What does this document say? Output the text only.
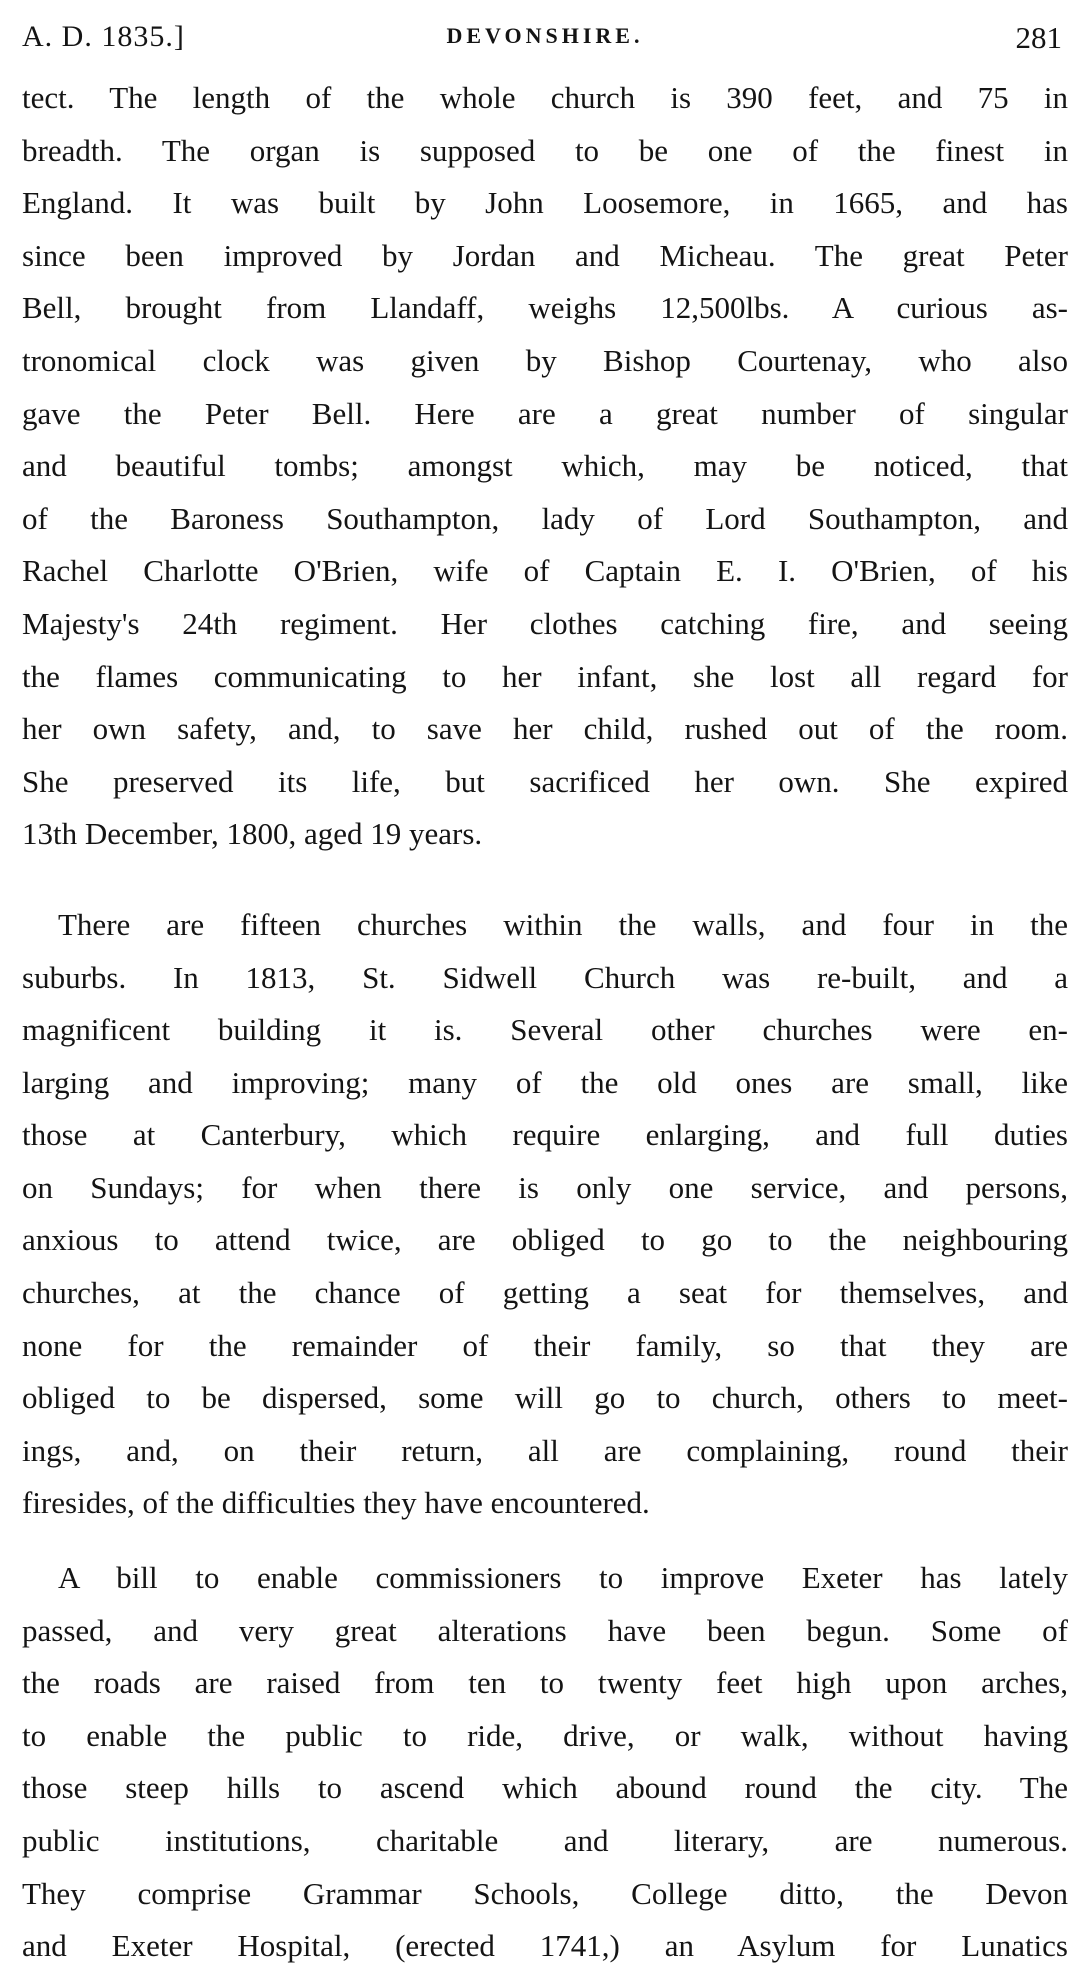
A. D. 1835.]	DEVONSHIRE.	281
tect. The length of the whole church is 390 feet, and 75 in
breadth. The organ is supposed to be one of the finest in
England. It was built by John Loosemore, in 1665, and has
since been improved by Jordan and Micheau. The great Peter
Bell, brought from Llandaff, weighs 12,500lbs. A curious as-
tronomical clock was given by Bishop Courtenay, who also
gave the Peter Bell. Here are a great number of singular
and beautiful tombs; amongst which, may be noticed, that
of the Baroness Southampton, lady of Lord Southampton, and
Rachel Charlotte O'Brien, wife of Captain E. I. O'Brien, of his
Majesty's 24th regiment. Her clothes catching fire, and seeing
the flames communicating to her infant, she lost all regard for
her own safety, and, to save her child, rushed out of the room.
She preserved its life, but sacrificed her own. She expired
13th December, 1800, aged 19 years.
There are fifteen churches within the walls, and four in the
suburbs. In 1813, St. Sidwell Church was re-built, and a
magnificent building it is. Several other churches were en-
larging and improving; many of the old ones are small, like
those at Canterbury, which require enlarging, and full duties
on Sundays; for when there is only one service, and persons,
anxious to attend twice, are obliged to go to the neighbouring
churches, at the chance of getting a seat for themselves, and
none for the remainder of their family, so that they are
obliged to be dispersed, some will go to church, others to meet-
ings, and, on their return, all are complaining, round their
firesides, of the difficulties they have encountered.
A bill to enable commissioners to improve Exeter has lately
passed, and very great alterations have been begun. Some of
the roads are raised from ten to twenty feet high upon arches,
to enable the public to ride, drive, or walk, without having
those steep hills to ascend which abound round the city. The
public institutions, charitable and literary, are numerous.
They comprise Grammar Schools, College ditto, the Devon
and Exeter Hospital, (erected 1741,) an Asylum for Lunatics
